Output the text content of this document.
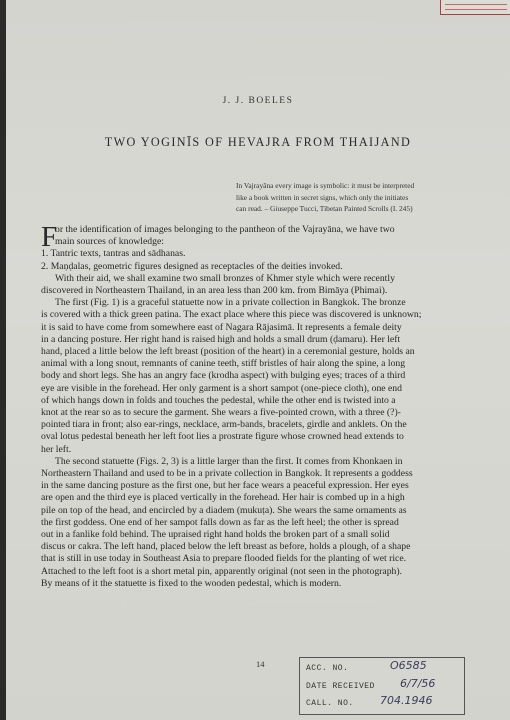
J. J. BOELES
TWO YOGINĪS OF HEVAJRA FROM THAIJAND
In Vajrayāna every image is symbolic: it must be interpreted
like a book written in secret signs, which only the initiates
can read. – Giuseppe Tucci, Tibetan Painted Scrolls (I. 245)
F
or the identification of images belonging to the pantheon of the Vajrayāna, we have two
main sources of knowledge:
1. Tantric texts, tantras and sādhanas.
2. Maṇḍalas, geometric figures designed as receptacles of the deities invoked.
With their aid, we shall examine two small bronzes of Khmer style which were recently
discovered in Northeastern Thailand, in an area less than 200 km. from Bimāya (Phimai).
The first (Fig. 1) is a graceful statuette now in a private collection in Bangkok. The bronze
is covered with a thick green patina. The exact place where this piece was discovered is unknown;
it is said to have come from somewhere east of Nagara Rājasimā. It represents a female deity
in a dancing posture. Her right hand is raised high and holds a small drum (ḍamaru). Her left
hand, placed a little below the left breast (position of the heart) in a ceremonial gesture, holds an
animal with a long snout, remnants of canine teeth, stiff bristles of hair along the spine, a long
body and short legs. She has an angry face (krodha aspect) with bulging eyes; traces of a third
eye are visible in the forehead. Her only garment is a short sampot (one-piece cloth), one end
of which hangs down in folds and touches the pedestal, while the other end is twisted into a
knot at the rear so as to secure the garment. She wears a five-pointed crown, with a three (?)-
pointed tiara in front; also ear-rings, necklace, arm-bands, bracelets, girdle and anklets. On the
oval lotus pedestal beneath her left foot lies a prostrate figure whose crowned head extends to
her left.
The second statuette (Figs. 2, 3) is a little larger than the first. It comes from Khonkaen in
Northeastern Thailand and used to be in a private collection in Bangkok. It represents a goddess
in the same dancing posture as the first one, but her face wears a peaceful expression. Her eyes
are open and the third eye is placed vertically in the forehead. Her hair is combed up in a high
pile on top of the head, and encircled by a diadem (mukuṭa). She wears the same ornaments as
the first goddess. One end of her sampot falls down as far as the left heel; the other is spread
out in a fanlike fold behind. The upraised right hand holds the broken part of a small solid
discus or cakra. The left hand, placed below the left breast as before, holds a plough, of a shape
that is still in use today in Southeast Asia to prepare flooded fields for the planting of wet rice.
Attached to the left foot is a short metal pin, apparently original (not seen in the photograph).
By means of it the statuette is fixed to the wooden pedestal, which is modern.
14	ACC. NO.	O6585
DATE RECEIVED 6/7/56
CALL. NO. 704.1946
